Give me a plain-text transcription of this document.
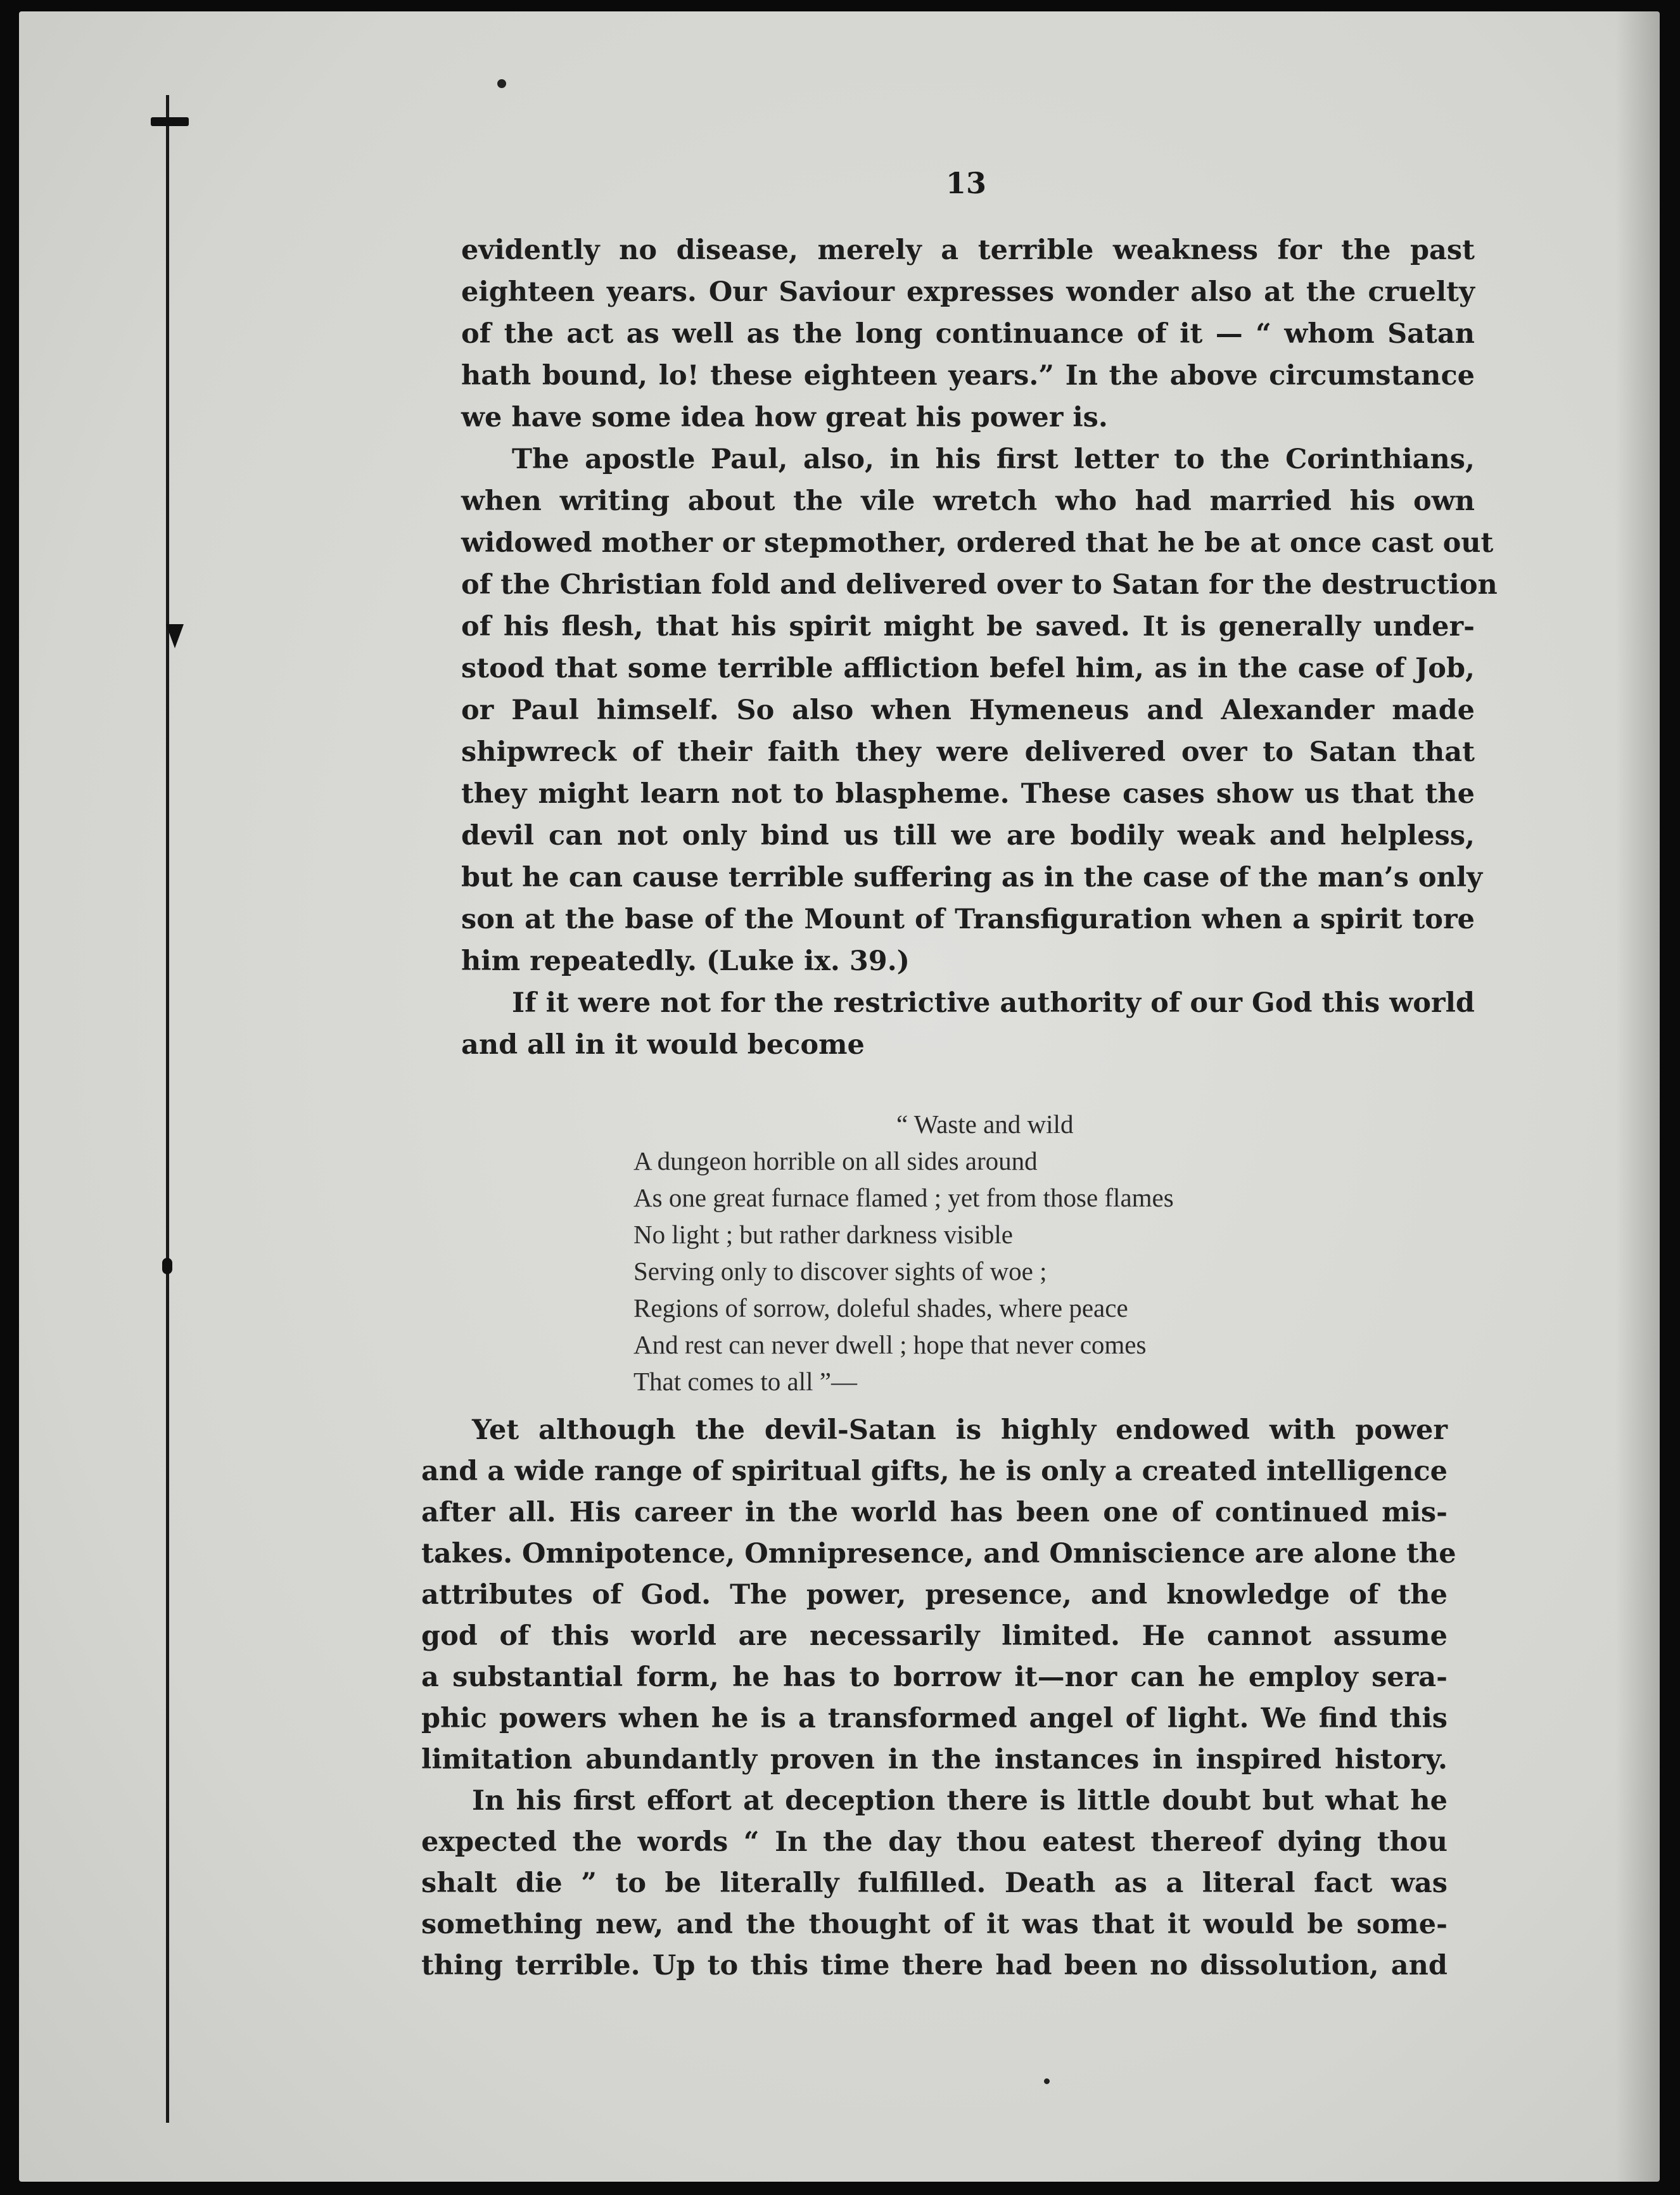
13
evidently no disease, merely a terrible weakness for the past
eighteen years. Our Saviour expresses wonder also at the cruelty
of the act as well as the long continuance of it — “ whom Satan
hath bound, lo! these eighteen years.” In the above circumstance
we have some idea how great his power is.
The apostle Paul, also, in his first letter to the Corinthians,
when writing about the vile wretch who had married his own
widowed mother or stepmother, ordered that he be at once cast out
of the Christian fold and delivered over to Satan for the destruction
of his flesh, that his spirit might be saved. It is generally under-
stood that some terrible affliction befel him, as in the case of Job,
or Paul himself. So also when Hymeneus and Alexander made
shipwreck of their faith they were delivered over to Satan that
they might learn not to blaspheme. These cases show us that the
devil can not only bind us till we are bodily weak and helpless,
but he can cause terrible suffering as in the case of the man’s only
son at the base of the Mount of Transfiguration when a spirit tore
him repeatedly. (Luke ix. 39.)
If it were not for the restrictive authority of our God this world
and all in it would become
“ Waste and wild
A dungeon horrible on all sides around
As one great furnace flamed ; yet from those flames
No light ; but rather darkness visible
Serving only to discover sights of woe ;
Regions of sorrow, doleful shades, where peace
And rest can never dwell ; hope that never comes
That comes to all ”—
Yet although the devil-Satan is highly endowed with power
and a wide range of spiritual gifts, he is only a created intelligence
after all. His career in the world has been one of continued mis-
takes. Omnipotence, Omnipresence, and Omniscience are alone the
attributes of God. The power, presence, and knowledge of the
god of this world are necessarily limited. He cannot assume
a substantial form, he has to borrow it—nor can he employ sera-
phic powers when he is a transformed angel of light. We find this
limitation abundantly proven in the instances in inspired history.
In his first effort at deception there is little doubt but what he
expected the words “ In the day thou eatest thereof dying thou
shalt die ” to be literally fulfilled. Death as a literal fact was
something new, and the thought of it was that it would be some-
thing terrible. Up to this time there had been no dissolution, and
